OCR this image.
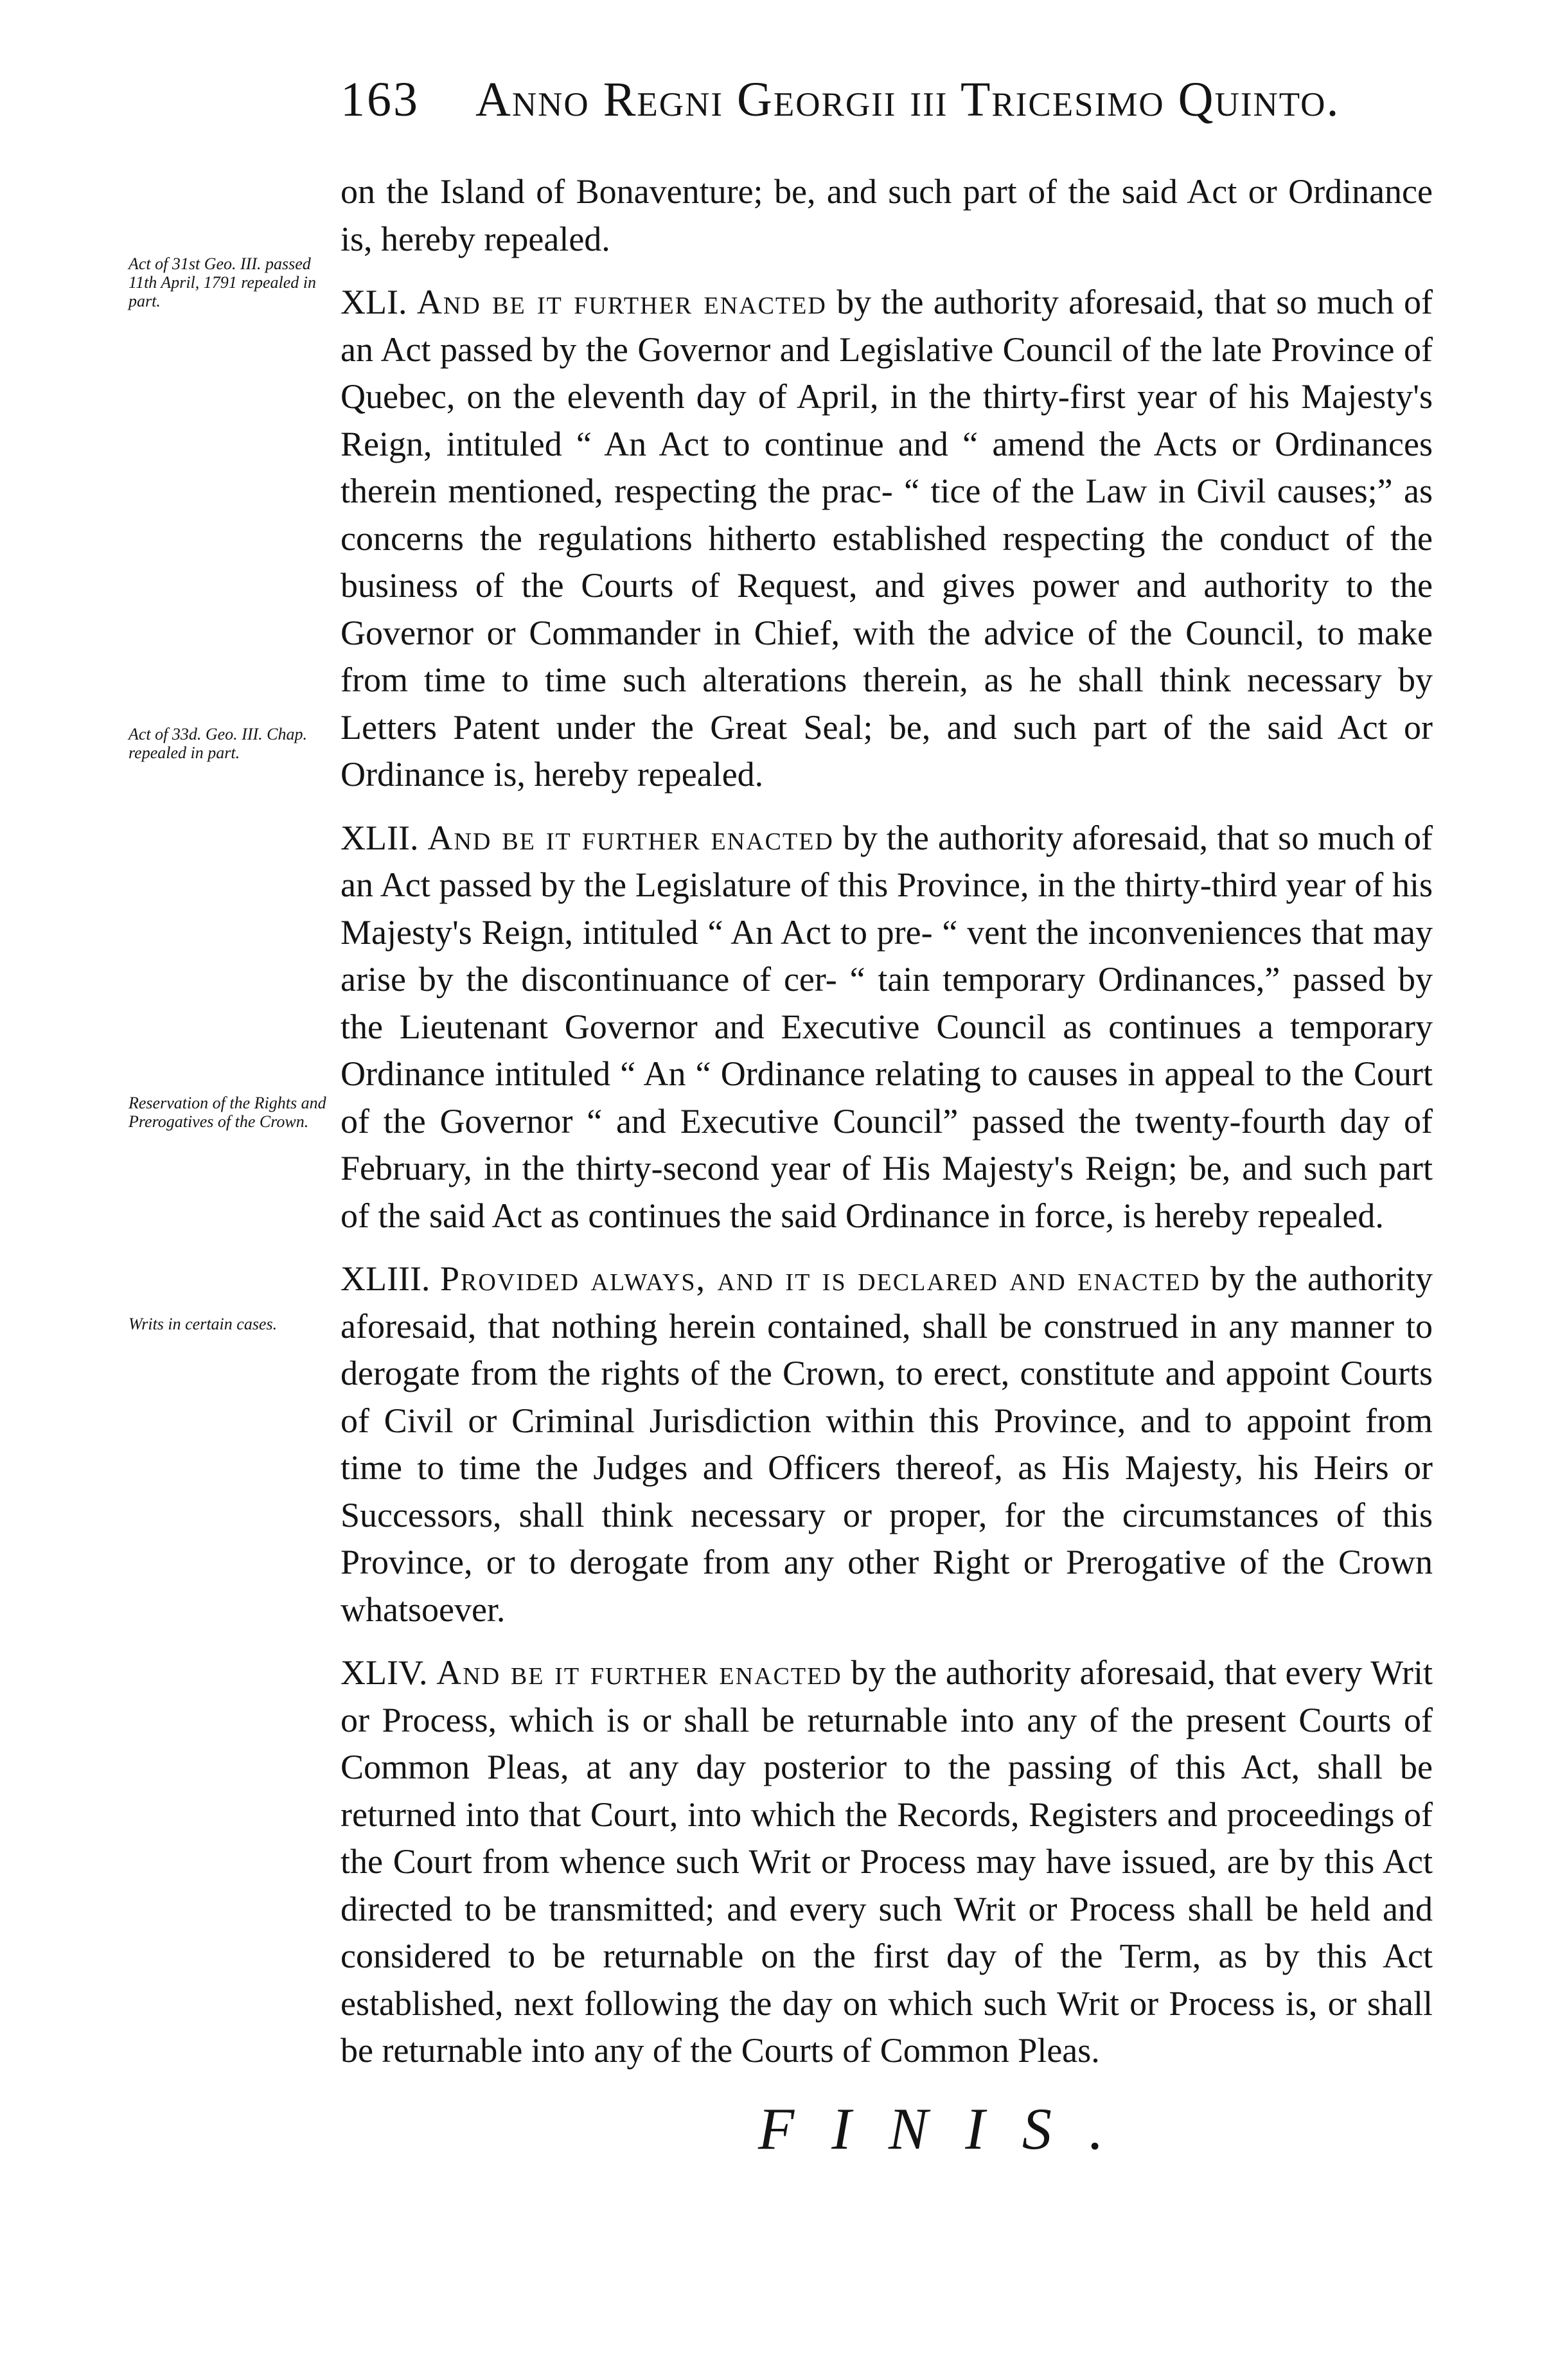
163 Anno Regni Georgii iii Tricesimo Quinto.
Act of 31st Geo. III. passed 11th April, 1791 repealed in part.
Act of 33d. Geo. III. Chap. repealed in part.
Reservation of the Rights and Prerogatives of the Crown.
Writs in certain cases.

on the Island of Bonaventure; be, and such part of the said Act or Ordinance is, hereby repealed.

XLI. And be it further enacted by the authority aforesaid, that so much of an Act passed by the Governor and Legislative Council of the late Province of Quebec, on the eleventh day of April, in the thirty-first year of his Majesty's Reign, intituled “ An Act to continue and “ amend the Acts or Ordinances therein mentioned, respecting the prac- “ tice of the Law in Civil causes;” as concerns the regulations hitherto established respecting the conduct of the business of the Courts of Request, and gives power and authority to the Governor or Commander in Chief, with the advice of the Council, to make from time to time such alterations therein, as he shall think necessary by Letters Patent under the Great Seal; be, and such part of the said Act or Ordinance is, hereby repealed.

XLII. And be it further enacted by the authority aforesaid, that so much of an Act passed by the Legislature of this Province, in the thirty-third year of his Majesty's Reign, intituled “ An Act to pre- “ vent the inconveniences that may arise by the discontinuance of cer- “ tain temporary Ordinances,” passed by the Lieutenant Governor and Executive Council as continues a temporary Ordinance intituled “ An “ Ordinance relating to causes in appeal to the Court of the Governor “ and Executive Council” passed the twenty-fourth day of February, in the thirty-second year of His Majesty's Reign; be, and such part of the said Act as continues the said Ordinance in force, is hereby repealed.

XLIII. Provided always, and it is declared and enacted by the authority aforesaid, that nothing herein contained, shall be construed in any manner to derogate from the rights of the Crown, to erect, constitute and appoint Courts of Civil or Criminal Jurisdiction within this Province, and to appoint from time to time the Judges and Officers thereof, as His Majesty, his Heirs or Successors, shall think necessary or proper, for the circumstances of this Province, or to derogate from any other Right or Prerogative of the Crown whatsoever.

XLIV. And be it further enacted by the authority aforesaid, that every Writ or Process, which is or shall be returnable into any of the present Courts of Common Pleas, at any day posterior to the passing of this Act, shall be returned into that Court, into which the Records, Registers and proceedings of the Court from whence such Writ or Process may have issued, are by this Act directed to be transmitted; and every such Writ or Process shall be held and considered to be returnable on the first day of the Term, as by this Act established, next following the day on which such Writ or Process is, or shall be returnable into any of the Courts of Common Pleas.

FINIS.
